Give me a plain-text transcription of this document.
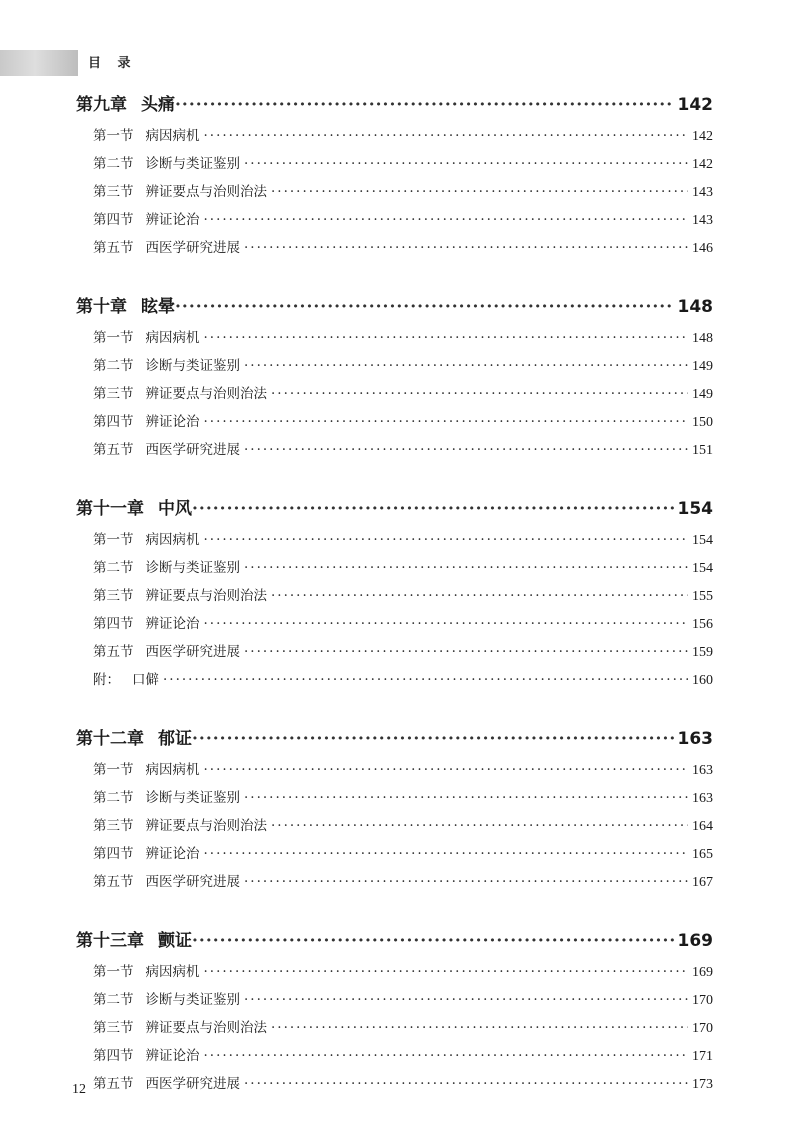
目 录
第九章 头痛 ·····	142
第一节 病因病机 ·····	142
第二节 诊断与类证鉴别 ·····	142
第三节 辨证要点与治则治法 ·····	143
第四节 辨证论治 ·····	143
第五节 西医学研究进展 ·····	146
第十章 眩晕 ·····	148
第一节 病因病机 ·····	148
第二节 诊断与类证鉴别 ·····	149
第三节 辨证要点与治则治法 ·····	149
第四节 辨证论治 ·····	150
第五节 西医学研究进展 ·····	151
第十一章 中风 ·····	154
第一节 病因病机 ·····	154
第二节 诊断与类证鉴别 ·····	154
第三节 辨证要点与治则治法 ·····	155
第四节 辨证论治 ·····	156
第五节 西医学研究进展 ·····	159
附： 口僻 ·····	160
第十二章 郁证 ·····	163
第一节 病因病机 ·····	163
第二节 诊断与类证鉴别 ·····	163
第三节 辨证要点与治则治法 ·····	164
第四节 辨证论治 ·····	165
第五节 西医学研究进展 ·····	167
第十三章 颤证 ·····	169
第一节 病因病机 ·····	169
第二节 诊断与类证鉴别 ·····	170
第三节 辨证要点与治则治法 ·····	170
第四节 辨证论治 ·····	171
第五节 西医学研究进展 ·····	173
12
